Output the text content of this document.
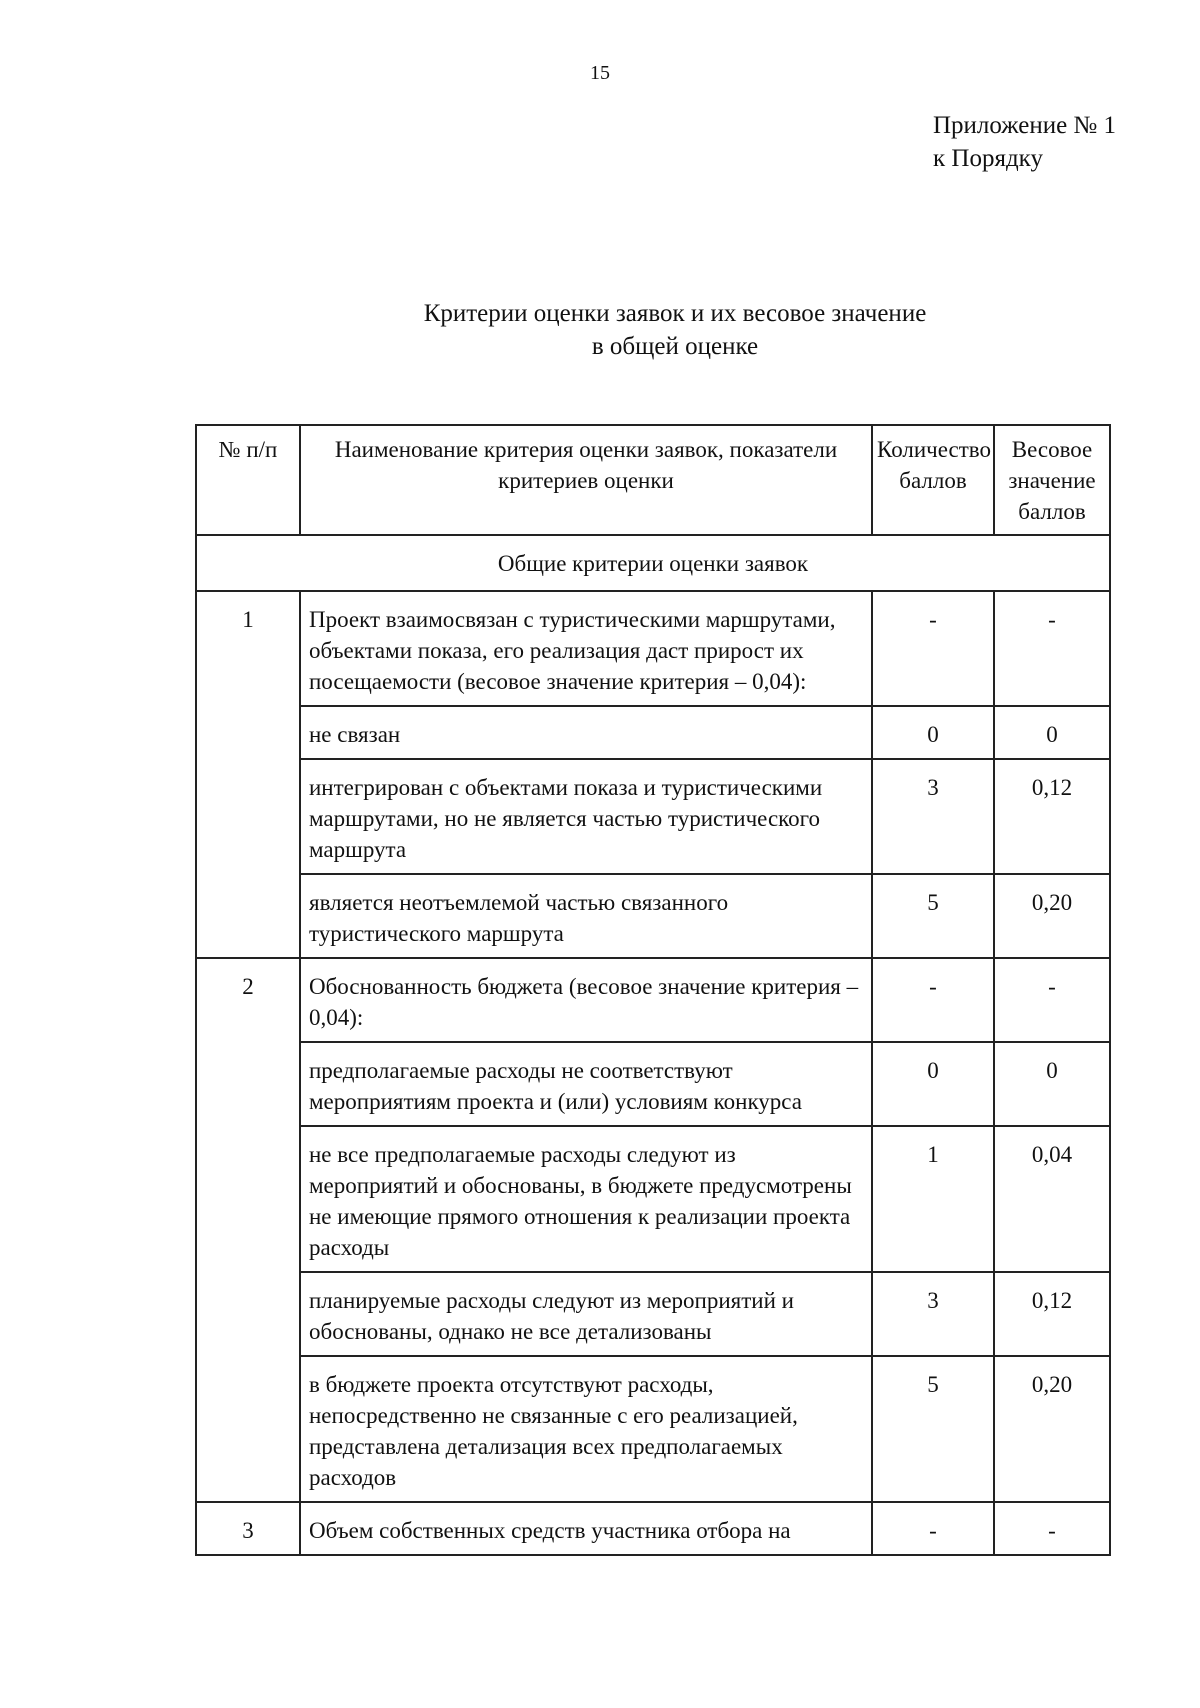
15
Приложение № 1
к Порядку
Критерии оценки заявок и их весовое значение
в общей оценке
№ п/п	Наименование критерия оценки заявок, показатели критериев оценки	Количество баллов	Весовое значение баллов
Общие критерии оценки заявок			
1	Проект взаимосвязан с туристическими маршрутами, объектами показа, его реализация даст прирост их посещаемости (весовое значение критерия – 0,04):	-	-
	не связан	0	0
	интегрирован с объектами показа и туристическими маршрутами, но не является частью туристического маршрута	3	0,12
	является неотъемлемой частью связанного туристического маршрута	5	0,20
2	Обоснованность бюджета (весовое значение критерия – 0,04):	-	-
	предполагаемые расходы не соответствуют мероприятиям проекта и (или) условиям конкурса	0	0
	не все предполагаемые расходы следуют из мероприятий и обоснованы, в бюджете предусмотрены не имеющие прямого отношения к реализации проекта расходы	1	0,04
	планируемые расходы следуют из мероприятий и обоснованы, однако не все детализованы	3	0,12
	в бюджете проекта отсутствуют расходы, непосредственно не связанные с его реализацией, представлена детализация всех предполагаемых расходов	5	0,20
3	Объем собственных средств участника отбора на	-	-
